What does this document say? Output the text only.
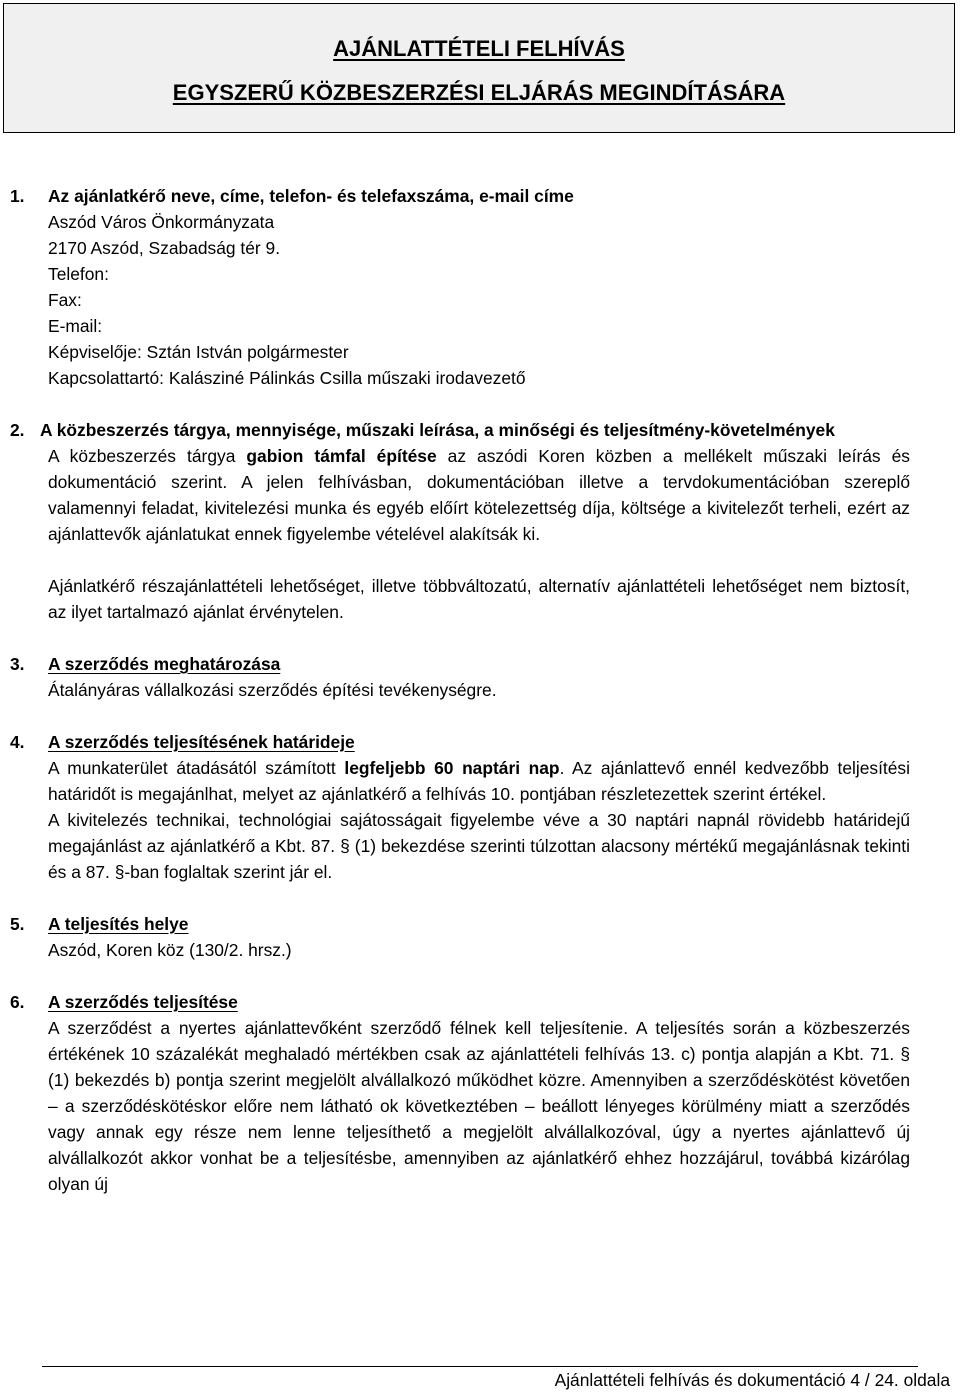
AJÁNLATTÉTELI FELHÍVÁS
EGYSZERŰ KÖZBESZERZÉSI ELJÁRÁS MEGINDÍTÁSÁRA

1. Az ajánlatkérő neve, címe, telefon- és telefaxszáma, e-mail címe

Aszód Város Önkormányzata
2170 Aszód, Szabadság tér 9.
Telefon:
Fax:
E-mail:
Képviselője: Sztán István polgármester
Kapcsolattartó: Kalásziné Pálinkás Csilla műszaki irodavezető

2. A közbeszerzés tárgya, mennyisége, műszaki leírása, a minőségi és teljesítmény-követelmények

A közbeszerzés tárgya gabion támfal építése az aszódi Koren közben a mellékelt műszaki leírás és dokumentáció szerint. A jelen felhívásban, dokumentációban illetve a tervdokumentációban szereplő valamennyi feladat, kivitelezési munka és egyéb előírt kötelezettség díja, költsége a kivitelezőt terheli, ezért az ajánlattevők ajánlatukat ennek figyelembe vételével alakítsák ki.

Ajánlatkérő részajánlattételi lehetőséget, illetve többváltozatú, alternatív ajánlattételi lehetőséget nem biztosít, az ilyet tartalmazó ajánlat érvénytelen.

3. A szerződés meghatározása

Átalányáras vállalkozási szerződés építési tevékenységre.

4. A szerződés teljesítésének határideje

A munkaterület átadásától számított legfeljebb 60 naptári nap. Az ajánlattevő ennél kedvezőbb teljesítési határidőt is megajánlhat, melyet az ajánlatkérő a felhívás 10. pontjában részletezettek szerint értékel.

A kivitelezés technikai, technológiai sajátosságait figyelembe véve a 30 naptári napnál rövidebb határidejű megajánlást az ajánlatkérő a Kbt. 87. § (1) bekezdése szerinti túlzottan alacsony mértékű megajánlásnak tekinti és a 87. §-ban foglaltak szerint jár el.

5. A teljesítés helye

Aszód, Koren köz (130/2. hrsz.)

6. A szerződés teljesítése

A szerződést a nyertes ajánlattevőként szerződő félnek kell teljesítenie. A teljesítés során a közbeszerzés értékének 10 százalékát meghaladó mértékben csak az ajánlattételi felhívás 13. c) pontja alapján a Kbt. 71. § (1) bekezdés b) pontja szerint megjelölt alvállalkozó működhet közre. Amennyiben a szerződéskötést követően – a szerződéskötéskor előre nem látható ok következtében – beállott lényeges körülmény miatt a szerződés vagy annak egy része nem lenne teljesíthető a megjelölt alvállalkozóval, úgy a nyertes ajánlattevő új alvállalkozót akkor vonhat be a teljesítésbe, amennyiben az ajánlatkérő ehhez hozzájárul, továbbá kizárólag olyan új

Ajánlattételi felhívás és dokumentáció 4 / 24. oldala
